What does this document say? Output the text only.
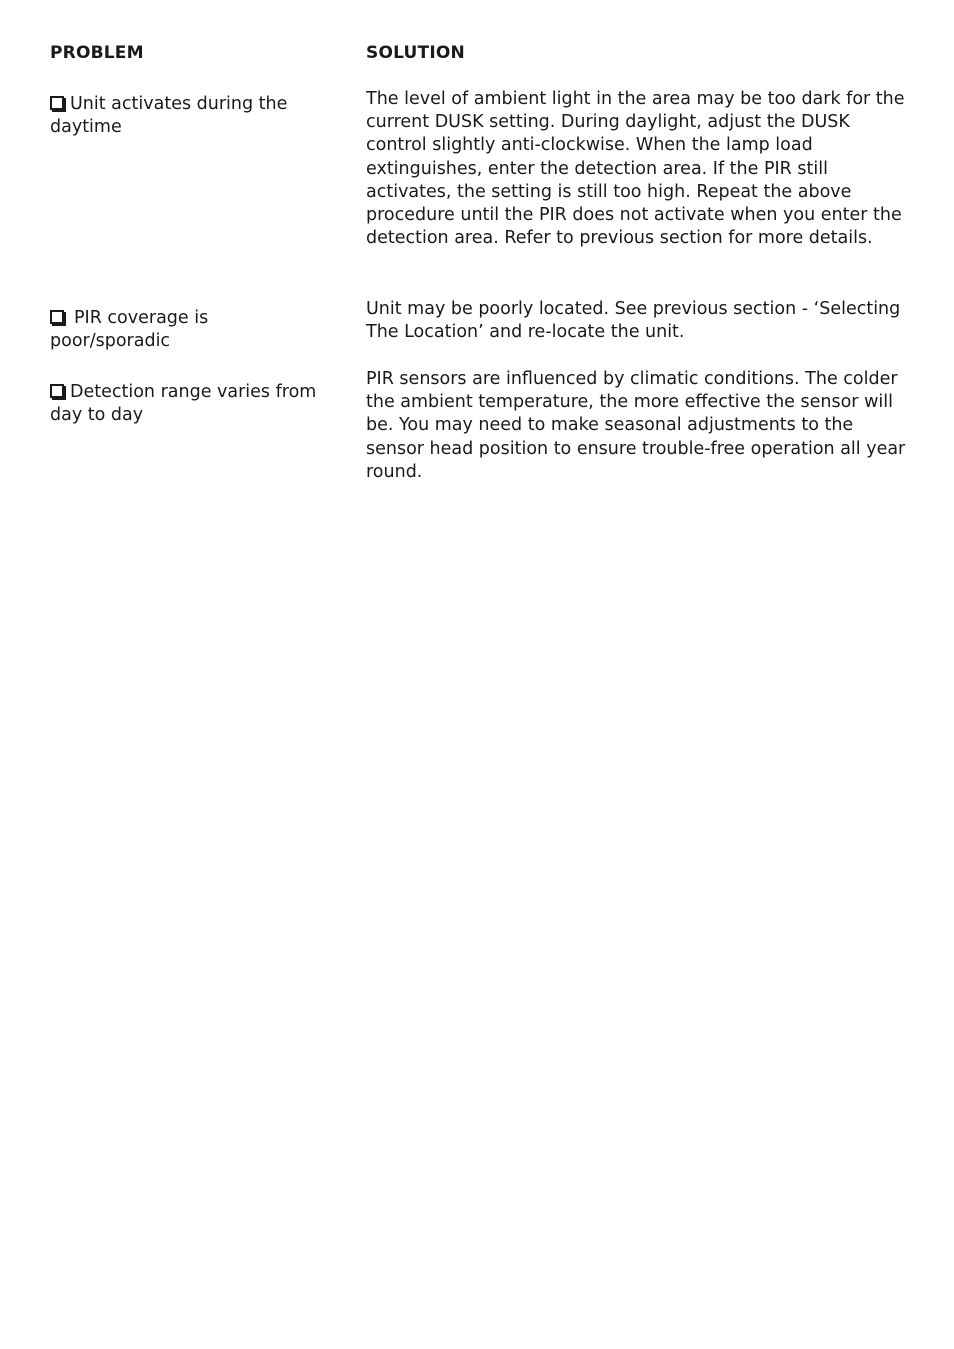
PROBLEM	SOLUTION
Unit activates during the daytime

The level of ambient light in the area may be too dark for the current DUSK setting. During daylight, adjust the DUSK control slightly anti-clockwise. When the lamp load extinguishes, enter the detection area. If the PIR still activates, the setting is still too high. Repeat the above procedure until the PIR does not activate when you enter the detection area. Refer to previous section for more details.

PIR coverage is poor/sporadic

Unit may be poorly located. See previous section - ‘Selecting The Location’ and re-locate the unit.

Detection range varies from day to day

PIR sensors are influenced by climatic conditions. The colder the ambient temperature, the more effective the sensor will be. You may need to make seasonal adjustments to the sensor head position to ensure trouble-free operation all year round.
